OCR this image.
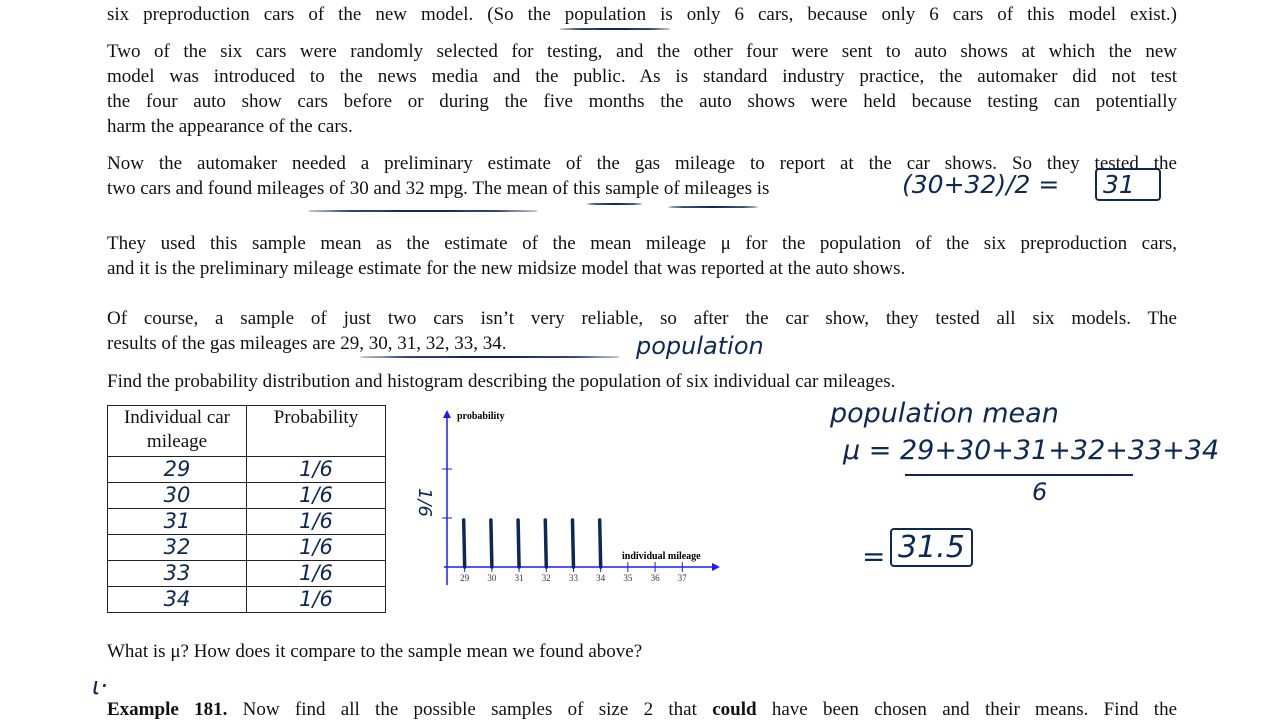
six preproduction cars of the new model. (So the population is only 6 cars, because only 6 cars of this model exist.)
Two of the six cars were randomly selected for testing, and the other four were sent to auto shows at which the new
model was introduced to the news media and the public. As is standard industry practice, the automaker did not test
the four auto show cars before or during the five months the auto shows were held because testing can potentially
harm the appearance of the cars.
Now the automaker needed a preliminary estimate of the gas mileage to report at the car shows. So they tested the
two cars and found mileages of 30 and 32 mpg. The mean of this sample of mileages is
They used this sample mean as the estimate of the mean mileage μ for the population of the six preproduction cars,
and it is the preliminary mileage estimate for the new midsize model that was reported at the auto shows.
Of course, a sample of just two cars isn’t very reliable, so after the car show, they tested all six models. The
results of the gas mileages are 29, 30, 31, 32, 33, 34.
Find the probability distribution and histogram describing the population of six individual car mileages.
What is μ? How does it compare to the sample mean we found above?
Example 181. Now find all the possible samples of size 2 that could have been chosen and their means. Find the
Individual car mileage	Probability
29	1/6
30	1/6
31	1/6
32	1/6
33	1/6
34	1/6
29 30 31 32 33 34 35 36 37
probability
individual mileage
(30+32)/2 =	31
population
population mean
μ = 29+30+31+32+33+34
6
= 31.5
1/6
ι·
